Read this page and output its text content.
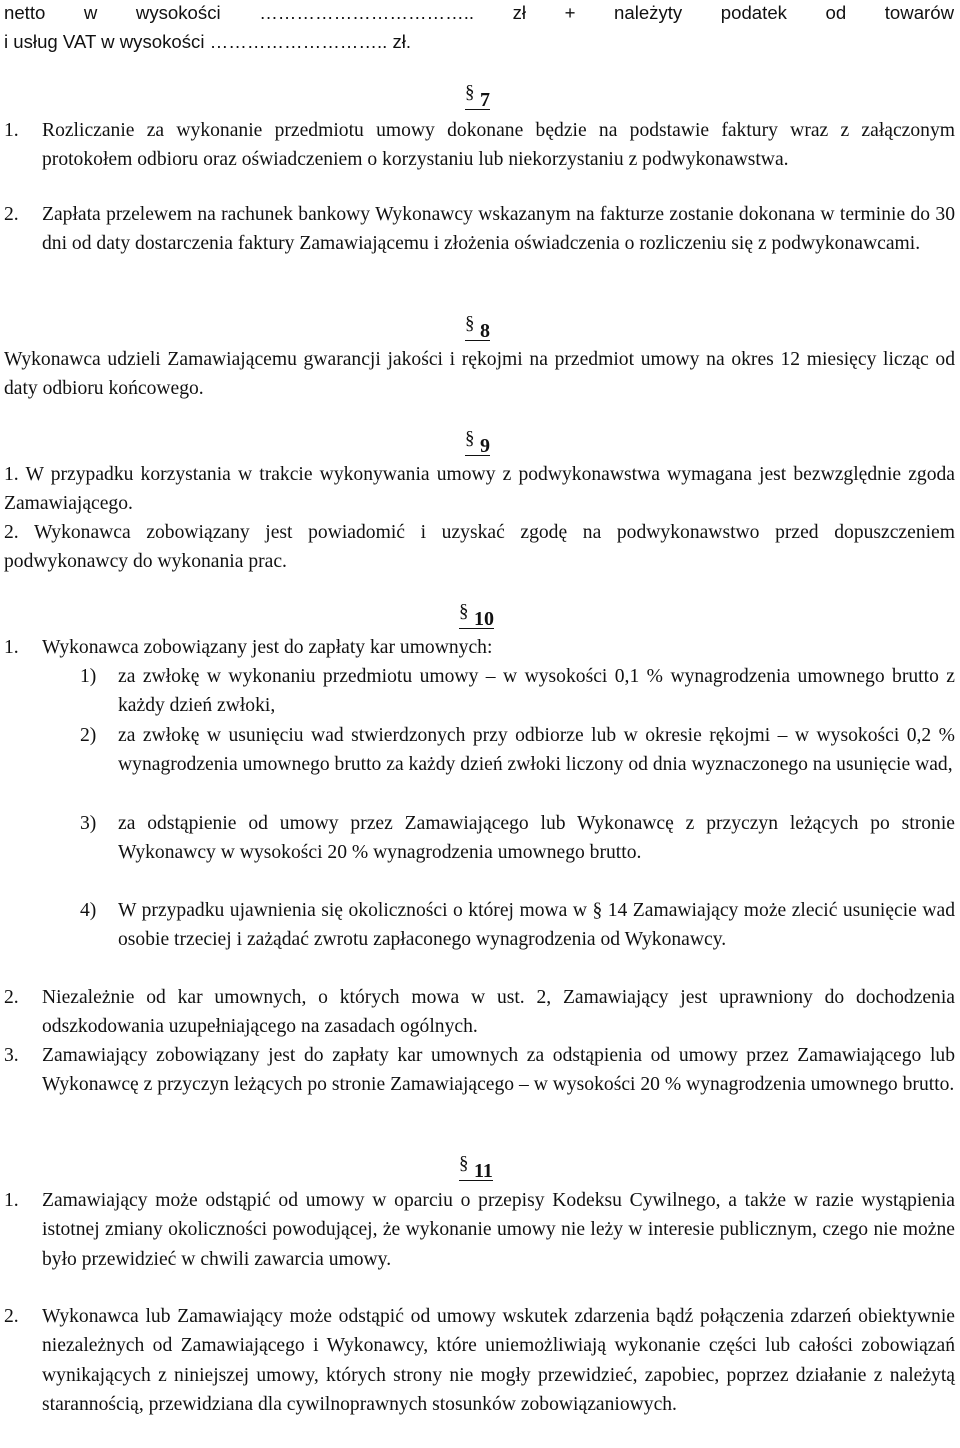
netto w wysokości …………………………….. zł + należyty podatek od towarów
i usług VAT w wysokości ……………………….. zł.
§ 7
1. Rozliczanie za wykonanie przedmiotu umowy dokonane będzie na podstawie faktury wraz z załączonym protokołem odbioru oraz oświadczeniem o korzystaniu lub niekorzystaniu z podwykonawstwa.
2. Zapłata przelewem na rachunek bankowy Wykonawcy wskazanym na fakturze zostanie dokonana w terminie do 30 dni od daty dostarczenia faktury Zamawiającemu i złożenia oświadczenia o rozliczeniu się z podwykonawcami.
§ 8
Wykonawca udzieli Zamawiającemu gwarancji jakości i rękojmi na przedmiot umowy na okres 12 miesięcy licząc od daty odbioru końcowego.
§ 9
1. W przypadku korzystania w trakcie wykonywania umowy z podwykonawstwa wymagana jest bezwzględnie zgoda Zamawiającego.
2. Wykonawca zobowiązany jest powiadomić i uzyskać zgodę na podwykonawstwo przed dopuszczeniem podwykonawcy do wykonania prac.
§ 10
1. Wykonawca zobowiązany jest do zapłaty kar umownych:
1) za zwłokę w wykonaniu przedmiotu umowy – w wysokości 0,1 % wynagrodzenia umownego brutto z każdy dzień zwłoki,
2) za zwłokę w usunięciu wad stwierdzonych przy odbiorze lub w okresie rękojmi – w wysokości 0,2 % wynagrodzenia umownego brutto za każdy dzień zwłoki liczony od dnia wyznaczonego na usunięcie wad,
3) za odstąpienie od umowy przez Zamawiającego lub Wykonawcę z przyczyn leżących po stronie Wykonawcy w wysokości 20 % wynagrodzenia umownego brutto.
4) W przypadku ujawnienia się okoliczności o której mowa w § 14 Zamawiający może zlecić usunięcie wad osobie trzeciej i zażądać zwrotu zapłaconego wynagrodzenia od Wykonawcy.
2. Niezależnie od kar umownych, o których mowa w ust. 2, Zamawiający jest uprawniony do dochodzenia odszkodowania uzupełniającego na zasadach ogólnych.
3. Zamawiający zobowiązany jest do zapłaty kar umownych za odstąpienia od umowy przez Zamawiającego lub Wykonawcę z przyczyn leżących po stronie Zamawiającego – w wysokości 20 % wynagrodzenia umownego brutto.
§ 11
1. Zamawiający może odstąpić od umowy w oparciu o przepisy Kodeksu Cywilnego, a także w razie wystąpienia istotnej zmiany okoliczności powodującej, że wykonanie umowy nie leży w interesie publicznym, czego nie możne było przewidzieć w chwili zawarcia umowy.
2. Wykonawca lub Zamawiający może odstąpić od umowy wskutek zdarzenia bądź połączenia zdarzeń obiektywnie niezależnych od Zamawiającego i Wykonawcy, które uniemożliwiają wykonanie części lub całości zobowiązań wynikających z niniejszej umowy, których strony nie mogły przewidzieć, zapobiec, poprzez działanie z należytą starannością, przewidziana dla cywilnoprawnych stosunków zobowiązaniowych.
